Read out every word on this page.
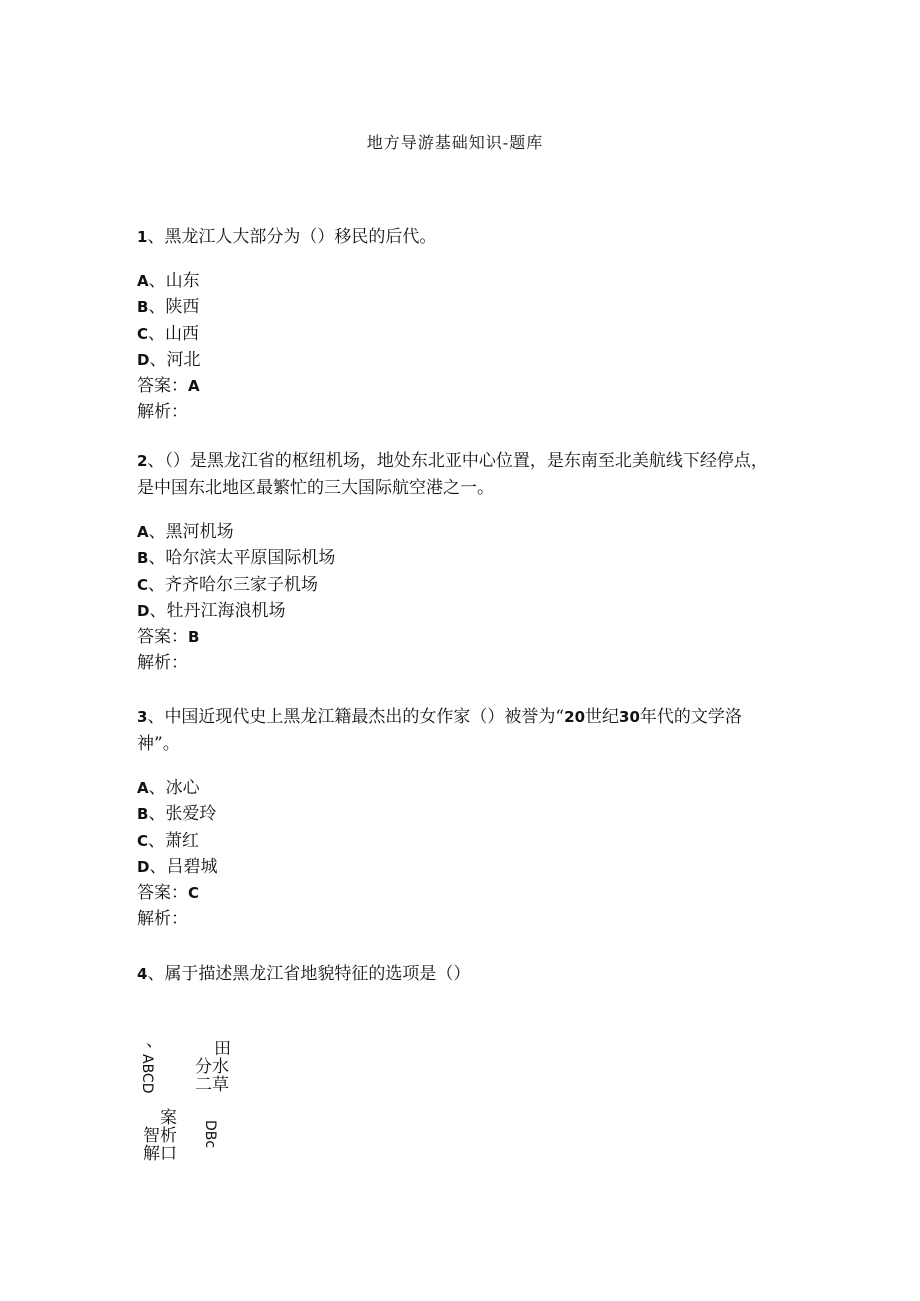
地方导游基础知识-题库

1、黑龙江人大部分为（）移民的后代。

A、山东
B、陕西
C、山西
D、河北
答案：A
解析：

2、（）是黑龙江省的枢纽机场，地处东北亚中心位置，是东南至北美航线下经停点，是中国东北地区最繁忙的三大国际航空港之一。

A、黑河机场
B、哈尔滨太平原国际机场
C、齐齐哈尔三家子机场
D、牡丹江海浪机场
答案：B
解析：

3、中国近现代史上黑龙江籍最杰出的女作家（）被誉为“20世纪30年代的文学洛神”。

A、冰心
B、张爱玲
C、萧红
D、吕碧城
答案：C
解析：

4、属于描述黑龙江省地貌特征的选项是（）

、	田
ABCD 分水
二草
案
DBc
智析
解口
